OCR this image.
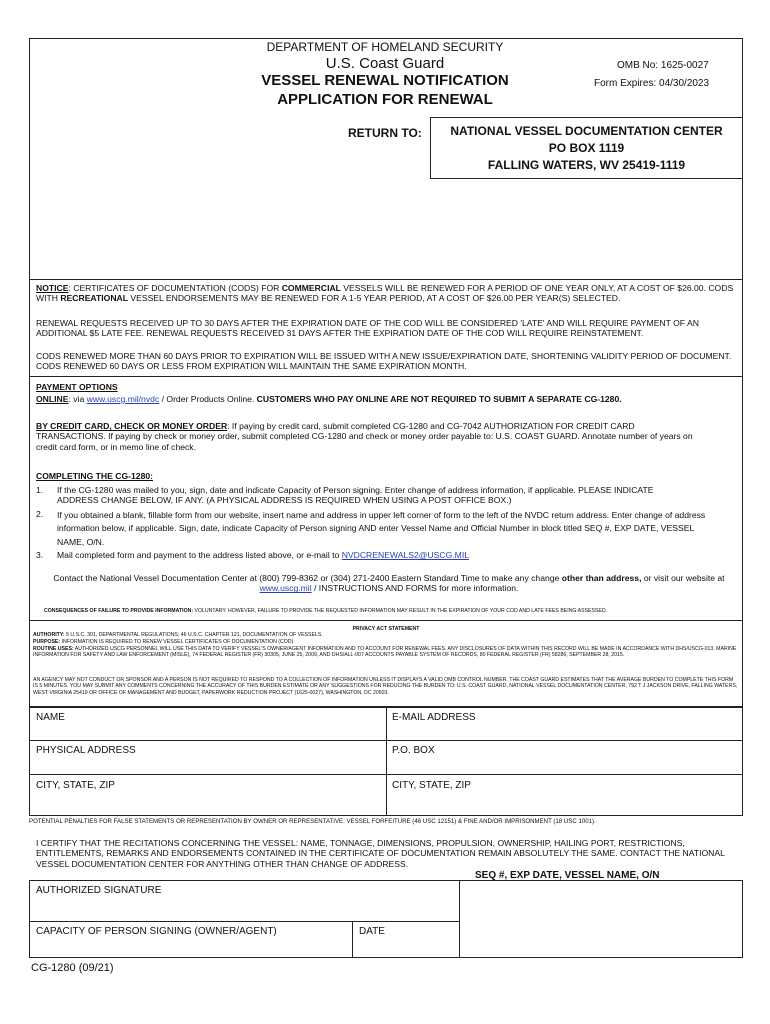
DEPARTMENT OF HOMELAND SECURITY
U.S. Coast Guard
VESSEL RENEWAL NOTIFICATION
APPLICATION FOR RENEWAL
OMB No: 1625-0027
Form Expires: 04/30/2023
RETURN TO:	NATIONAL VESSEL DOCUMENTATION CENTER
PO BOX 1119
FALLING WATERS, WV 25419-1119
NOTICE: CERTIFICATES OF DOCUMENTATION (CODS) FOR COMMERCIAL VESSELS WILL BE RENEWED FOR A PERIOD OF ONE YEAR ONLY, AT A COST OF $26.00. CODS WITH RECREATIONAL VESSEL ENDORSEMENTS MAY BE RENEWED FOR A 1-5 YEAR PERIOD, AT A COST OF $26.00 PER YEAR(S) SELECTED.
RENEWAL REQUESTS RECEIVED UP TO 30 DAYS AFTER THE EXPIRATION DATE OF THE COD WILL BE CONSIDERED 'LATE' AND WILL REQUIRE PAYMENT OF AN ADDITIONAL $5 LATE FEE. RENEWAL REQUESTS RECEIVED 31 DAYS AFTER THE EXPIRATION DATE OF THE COD WILL REQUIRE REINSTATEMENT.
CODS RENEWED MORE THAN 60 DAYS PRIOR TO EXPIRATION WILL BE ISSUED WITH A NEW ISSUE/EXPIRATION DATE, SHORTENING VALIDITY PERIOD OF DOCUMENT. CODS RENEWED 60 DAYS OR LESS FROM EXPIRATION WILL MAINTAIN THE SAME EXPIRATION MONTH.
PAYMENT OPTIONS
ONLINE: via www.uscg.mil/nvdc / Order Products Online. CUSTOMERS WHO PAY ONLINE ARE NOT REQUIRED TO SUBMIT A SEPARATE CG-1280.
BY CREDIT CARD, CHECK OR MONEY ORDER: If paying by credit card, submit completed CG-1280 and CG-7042 AUTHORIZATION FOR CREDIT CARD TRANSACTIONS. If paying by check or money order, submit completed CG-1280 and check or money order payable to: U.S. COAST GUARD. Annotate number of years on credit card form, or in memo line of check.
COMPLETING THE CG-1280:
1. If the CG-1280 was mailed to you, sign, date and indicate Capacity of Person signing. Enter change of address information, if applicable. PLEASE INDICATE ADDRESS CHANGE BELOW, IF ANY. (A PHYSICAL ADDRESS IS REQUIRED WHEN USING A POST OFFICE BOX.)
2. If you obtained a blank, fillable form from our website, insert name and address in upper left corner of form to the left of the NVDC return address. Enter change of address information below, if applicable. Sign, date, indicate Capacity of Person signing AND enter Vessel Name and Official Number in block titled SEQ #, EXP DATE, VESSEL NAME, O/N.
3. Mail completed form and payment to the address listed above, or e-mail to NVDCRENEWALS2@USCG.MIL
Contact the National Vessel Documentation Center at (800) 799-8362 or (304) 271-2400 Eastern Standard Time to make any change other than address, or visit our website at www.uscg.mil / INSTRUCTIONS AND FORMS for more information.
CONSEQUENCES OF FAILURE TO PROVIDE INFORMATION: VOLUNTARY. HOWEVER, FAILURE TO PROVIDE THE REQUESTED INFORMATION MAY RESULT IN THE EXPIRATION OF YOUR COD AND LATE FEES BEING ASSESSED.
PRIVACY ACT STATEMENT
AUTHORITY: 5 U.S.C. 301, DEPARTMENTAL REGULATIONS; 46 U.S.C. CHAPTER 121, DOCUMENTATION OF VESSELS.
PURPOSE: INFORMATION IS REQUIRED TO RENEW VESSEL CERTIFICATES OF DOCUMENTATION (COD).
ROUTINE USES: AUTHORIZED USCG PERSONNEL WILL USE THIS DATA TO VERIFY VESSEL'S OWNER/AGENT INFORMATION AND TO ACCOUNT FOR RENEWAL FEES. ANY DISCLOSURES OF DATA WITHIN THIS RECORD WILL BE MADE IN ACCORDANCE WITH DHS/USCG-013, MARINE INFORMATION FOR SAFETY AND LAW ENFORCEMENT (MISLE), 74 FEDERAL REGISTER (FR) 30305, JUNE 25, 2009, AND DHS/ALL-007 ACCOUNTS PAYABLE SYSTEM OF RECORDS, 80 FEDERAL REGISTER (FR) 58286, SEPTEMBER 28, 2015.
AN AGENCY MAY NOT CONDUCT OR SPONSOR AND A PERSON IS NOT REQUIRED TO RESPOND TO A COLLECTION OF INFORMATION UNLESS IT DISPLAYS A VALID OMB CONTROL NUMBER. THE COAST GUARD ESTIMATES THAT THE AVERAGE BURDEN TO COMPLETE THIS FORM IS 5 MINUTES. YOU MAY SUBMIT ANY COMMENTS CONCERNING THE ACCURACY OF THIS BURDEN ESTIMATE OR ANY SUGGESTIONS FOR REDUCING THE BURDEN TO: U.S. COAST GUARD, NATIONAL VESSEL DOCUMENTATION CENTER, 792 T J JACKSON DRIVE, FALLING WATERS, WEST VIRGINIA 25419 OR OFFICE OF MANAGEMENT AND BUDGET, PAPERWORK REDUCTION PROJECT (1625-0027), WASHINGTON, DC 20503.
NAME	E-MAIL ADDRESS
PHYSICAL ADDRESS	P.O. BOX
CITY, STATE, ZIP	CITY, STATE, ZIP
POTENTIAL PENALTIES FOR FALSE STATEMENTS OR REPRESENTATION BY OWNER OR REPRESENTATIVE: VESSEL FORFEITURE (46 USC 12151) & FINE AND/OR IMPRISONMENT (18 USC 1001).
I CERTIFY THAT THE RECITATIONS CONCERNING THE VESSEL: NAME, TONNAGE, DIMENSIONS, PROPULSION, OWNERSHIP, HAILING PORT, RESTRICTIONS, ENTITLEMENTS, REMARKS AND ENDORSEMENTS CONTAINED IN THE CERTIFICATE OF DOCUMENTATION REMAIN ABSOLUTELY THE SAME. CONTACT THE NATIONAL VESSEL DOCUMENTATION CENTER FOR ANYTHING OTHER THAN CHANGE OF ADDRESS.
SEQ #, EXP DATE, VESSEL NAME, O/N
AUTHORIZED SIGNATURE
CAPACITY OF PERSON SIGNING (OWNER/AGENT)	DATE
CG-1280 (09/21)
